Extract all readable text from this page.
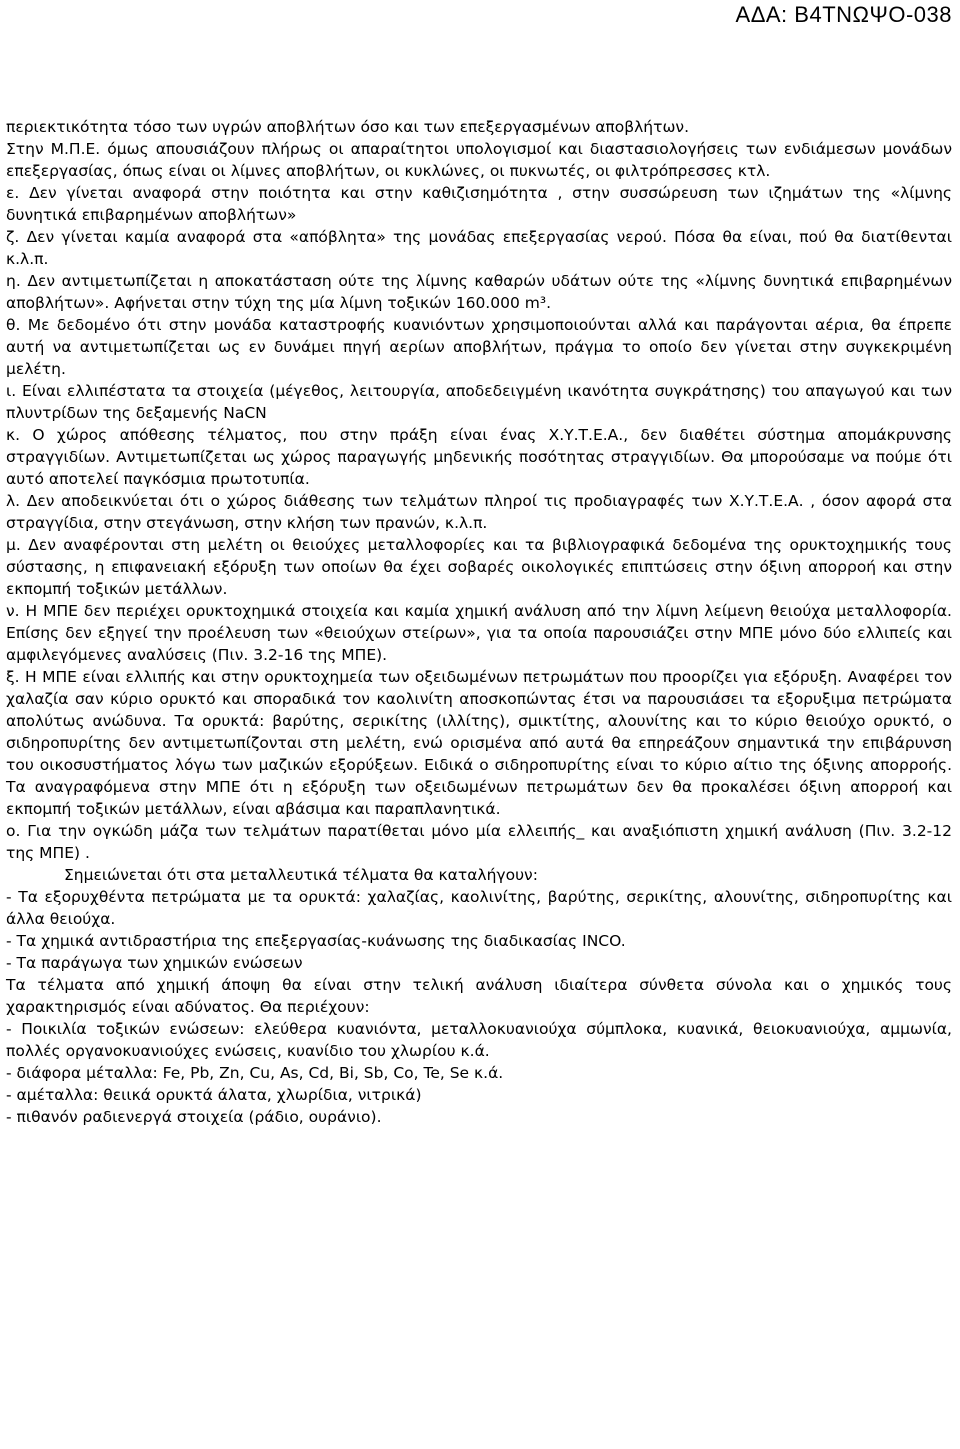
ΑΔΑ: Β4ΤΝΩΨΟ-038

περιεκτικότητα τόσο των υγρών αποβλήτων όσο και των επεξεργασμένων αποβλήτων.

Στην Μ.Π.Ε. όμως απουσιάζουν πλήρως οι απαραίτητοι υπολογισμοί και διαστασιολογήσεις των ενδιάμεσων μονάδων επεξεργασίας, όπως είναι οι λίμνες αποβλήτων, οι κυκλώνες, οι πυκνωτές, οι φιλτρόπρεσσες κτλ.

ε. Δεν γίνεται αναφορά στην ποιότητα και στην καθιζισημότητα , στην συσσώρευση των ιζημάτων της «λίμνης δυνητικά επιβαρημένων αποβλήτων»

ζ. Δεν γίνεται καμία αναφορά στα «απόβλητα» της μονάδας επεξεργασίας νερού. Πόσα θα είναι, πού θα διατίθενται κ.λ.π.

η. Δεν αντιμετωπίζεται η αποκατάσταση ούτε της λίμνης καθαρών υδάτων ούτε της «λίμνης δυνητικά επιβαρημένων αποβλήτων». Αφήνεται στην τύχη της μία λίμνη τοξικών 160.000 m³.

θ. Με δεδομένο ότι στην μονάδα καταστροφής κυανιόντων χρησιμοποιούνται αλλά και παράγονται αέρια, θα έπρεπε αυτή να αντιμετωπίζεται ως εν δυνάμει πηγή αερίων αποβλήτων, πράγμα το οποίο δεν γίνεται στην συγκεκριμένη μελέτη.

ι. Είναι ελλιπέστατα τα στοιχεία (μέγεθος, λειτουργία, αποδεδειγμένη ικανότητα συγκράτησης) του απαγωγού και των πλυντρίδων της δεξαμενής NaCN

κ. Ο χώρος απόθεσης τέλματος, που στην πράξη είναι ένας Χ.Υ.Τ.Ε.Α., δεν διαθέτει σύστημα απομάκρυνσης στραγγιδίων. Αντιμετωπίζεται ως χώρος παραγωγής μηδενικής ποσότητας στραγγιδίων. Θα μπορούσαμε να πούμε ότι αυτό αποτελεί παγκόσμια πρωτοτυπία.

λ. Δεν αποδεικνύεται ότι ο χώρος διάθεσης των τελμάτων πληροί τις προδιαγραφές των Χ.Υ.Τ.Ε.Α. , όσον αφορά στα στραγγίδια, στην στεγάνωση, στην κλήση των πρανών, κ.λ.π.

μ. Δεν αναφέρονται στη μελέτη οι θειούχες μεταλλοφορίες και τα βιβλιογραφικά δεδομένα της ορυκτοχημικής τους σύστασης, η επιφανειακή εξόρυξη των οποίων θα έχει σοβαρές οικολογικές επιπτώσεις στην όξινη απορροή και στην εκπομπή τοξικών μετάλλων.

ν. Η ΜΠΕ δεν περιέχει ορυκτοχημικά στοιχεία και καμία χημική ανάλυση από την λίμνη λείμενη θειούχα μεταλλοφορία. Επίσης δεν εξηγεί την προέλευση των «θειούχων στείρων», για τα οποία παρουσιάζει στην ΜΠΕ μόνο δύο ελλιπείς και αμφιλεγόμενες αναλύσεις (Πιν. 3.2-16 της ΜΠΕ).

ξ. Η ΜΠΕ είναι ελλιπής και στην ορυκτοχημεία των οξειδωμένων πετρωμάτων που προορίζει για εξόρυξη. Αναφέρει τον χαλαζία σαν κύριο ορυκτό και σποραδικά τον καολινίτη αποσκοπώντας έτσι να παρουσιάσει τα εξορυξιμα πετρώματα απολύτως ανώδυνα. Τα ορυκτά: βαρύτης, σερικίτης (ιλλίτης), σμικτίτης, αλουνίτης και το κύριο θειούχο ορυκτό, ο σιδηροπυρίτης δεν αντιμετωπίζονται στη μελέτη, ενώ ορισμένα από αυτά θα επηρεάζουν σημαντικά την επιβάρυνση του οικοσυστήματος λόγω των μαζικών εξορύξεων. Ειδικά ο σιδηροπυρίτης είναι το κύριο αίτιο της όξινης απορροής. Τα αναγραφόμενα στην ΜΠΕ ότι η εξόρυξη των οξειδωμένων πετρωμάτων δεν θα προκαλέσει όξινη απορροή και εκπομπή τοξικών μετάλλων, είναι αβάσιμα και παραπλανητικά.

ο. Για την ογκώδη μάζα των τελμάτων παρατίθεται μόνο μία ελλειπής_ και αναξιόπιστη χημική ανάλυση (Πιν. 3.2-12 της ΜΠΕ) .

Σημειώνεται ότι στα μεταλλευτικά τέλματα θα καταλήγουν:

- Τα εξορυχθέντα πετρώματα με τα ορυκτά: χαλαζίας, καολινίτης, βαρύτης, σερικίτης, αλουνίτης, σιδηροπυρίτης και άλλα θειούχα.

- Τα χημικά αντιδραστήρια της επεξεργασίας-κυάνωσης της διαδικασίας INCO.

- Τα παράγωγα των χημικών ενώσεων

Τα τέλματα από χημική άποψη θα είναι στην τελική ανάλυση ιδιαίτερα σύνθετα σύνολα και ο χημικός τους χαρακτηρισμός είναι αδύνατος. Θα περιέχουν:

- Ποικιλία τοξικών ενώσεων: ελεύθερα κυανιόντα, μεταλλοκυανιούχα σύμπλοκα, κυανικά, θειοκυανιούχα, αμμωνία, πολλές οργανοκυανιούχες ενώσεις, κυανίδιο του χλωρίου κ.ά.

- διάφορα μέταλλα: Fe, Pb, Zn, Cu, As, Cd, Bi, Sb, Co, Te, Se κ.ά.

- αμέταλλα: θειικά ορυκτά άλατα, χλωρίδια, νιτρικά)

- πιθανόν ραδιενεργά στοιχεία (ράδιο, ουράνιο).
